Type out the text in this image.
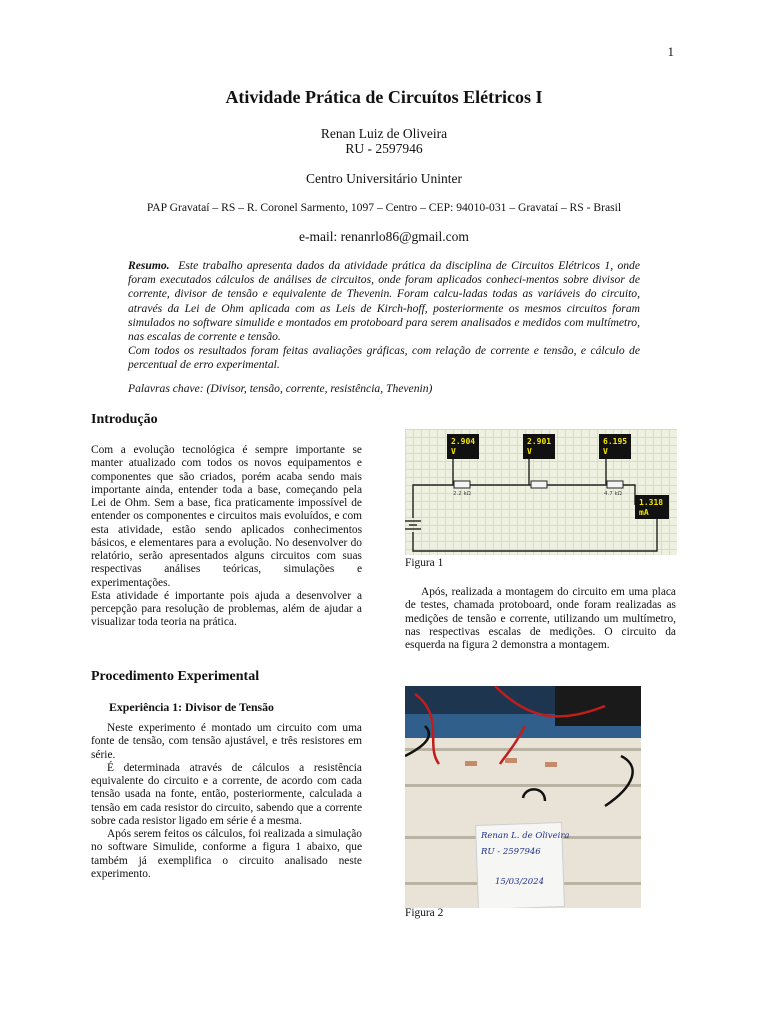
1
Atividade Prática de Circuítos Elétricos I
Renan Luiz de Oliveira
RU - 2597946
Centro Universitário Uninter
PAP Gravataí – RS – R. Coronel Sarmento, 1097 – Centro – CEP: 94010-031 – Gravataí – RS - Brasil
e-mail: renanrlo86@gmail.com

Resumo. Este trabalho apresenta dados da atividade prática da disciplina de Circuitos Elétricos 1, onde foram executados cálculos de análises de circuitos, onde foram aplicados conheci-mentos sobre divisor de corrente, divisor de tensão e equivalente de Thevenin. Foram calcu-ladas todas as variáveis do circuito, através da Lei de Ohm aplicada com as Leis de Kirch-hoff, posteriormente os mesmos circuitos foram simulados no software simulide e montados em protoboard para serem analisados e medidos com multímetro, nas escalas de corrente e tensão.

Com todos os resultados foram feitas avaliações gráficas, com relação de corrente e tensão, e cálculo de percentual de erro experimental.

Palavras chave: (Divisor, tensão, corrente, resistência, Thevenin)
Introdução

Com a evolução tecnológica é sempre importante se manter atualizado com todos os novos equipamentos e componentes que são criados, porém acaba sendo mais importante ainda, entender toda a base, começando pela Lei de Ohm. Sem a base, fica praticamente impossível de entender os componentes e circuitos mais evoluídos, e com esta atividade, estão sendo aplicados conhecimentos básicos, e elementares para a evolução. No desenvolver do relatório, serão apresentados alguns circuitos com suas respectivas análises teóricas, simulações e experimentações.

Esta atividade é importante pois ajuda a desenvolver a percepção para resolução de problemas, além de ajudar a visualizar toda teoria na prática.

Procedimento Experimental
Experiência 1: Divisor de Tensão

Neste experimento é montado um circuito com uma fonte de tensão, com tensão ajustável, e três resistores em série.

É determinada através de cálculos a resistência equivalente do circuito e a corrente, de acordo com cada tensão usada na fonte, então, posteriormente, calculada a tensão em cada resistor do circuito, sabendo que a corrente sobre cada resistor ligado em série é a mesma.

Após serem feitos os cálculos, foi realizada a simulação no software Simulide, conforme a figura 1 abaixo, que também já exemplifica o circuito analisado neste experimento.

2.2 kΩ	4.7 kΩ
2.904
V
2.901
V
6.195
V
1.318
mA
Figura 1

Após, realizada a montagem do circuito em uma placa de testes, chamada protoboard, onde foram realizadas as medições de tensão e corrente, utilizando um multímetro, nas respectivas escalas de medições. O circuito da esquerda na figura 2 demonstra a montagem.

Renan L. de Oliveira
RU - 2597946
15/03/2024
Figura 2
